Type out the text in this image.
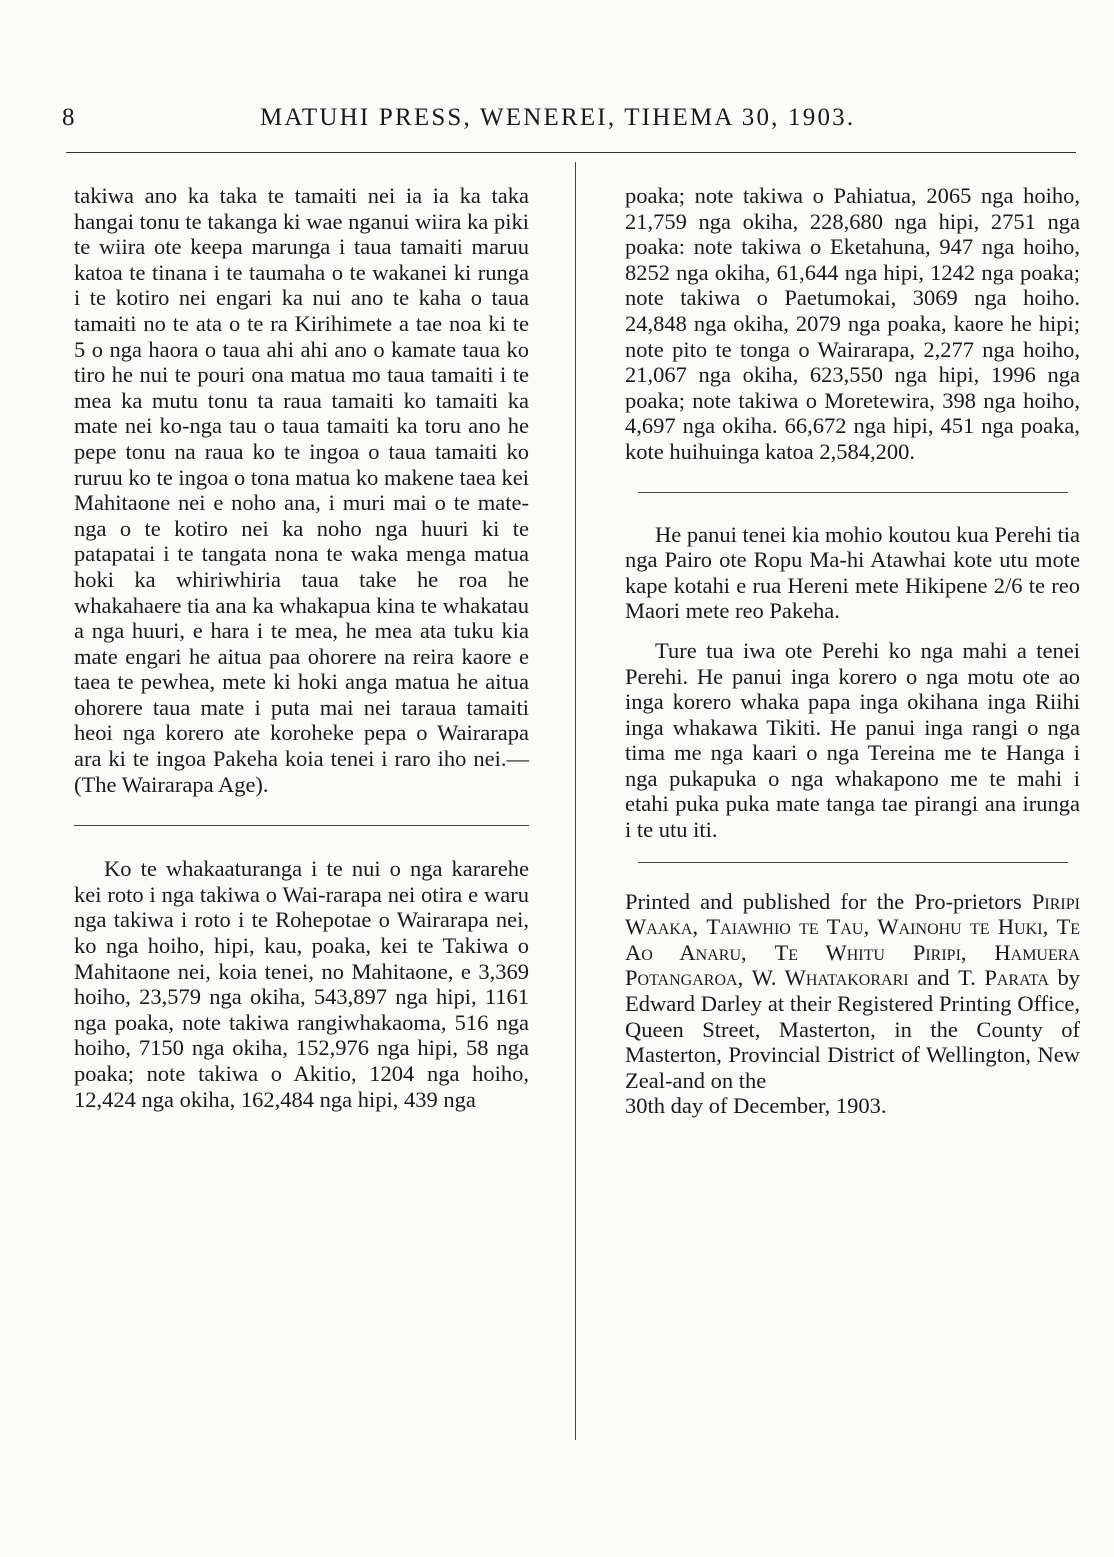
8	MATUHI PRESS, WENEREI, TIHEMA 30, 1903.

takiwa ano ka taka te tamaiti nei ia ia ka taka hangai tonu te takanga ki wae nganui wiira ka piki te wiira ote keepa marunga i taua tamaiti maruu katoa te tinana i te taumaha o te wakanei ki runga i te kotiro nei engari ka nui ano te kaha o taua tamaiti no te ata o te ra Kirihimete a tae noa ki te 5 o nga haora o taua ahi ahi ano o kamate taua ko tiro he nui te pouri ona matua mo taua tamaiti i te mea ka mutu tonu ta raua tamaiti ko tamaiti ka mate nei ko-nga tau o taua tamaiti ka toru ano he pepe tonu na raua ko te ingoa o taua tamaiti ko ruruu ko te ingoa o tona matua ko makene taea kei Mahitaone nei e noho ana, i muri mai o te mate-nga o te kotiro nei ka noho nga huuri ki te patapatai i te tangata nona te waka menga matua hoki ka whiriwhiria taua take he roa he whakahaere tia ana ka whakapua kina te whakatau a nga huuri, e hara i te mea, he mea ata tuku kia mate engari he aitua paa ohorere na reira kaore e taea te pewhea, mete ki hoki anga matua he aitua ohorere taua mate i puta mai nei taraua tamaiti heoi nga korero ate koroheke pepa o Wairarapa ara ki te ingoa Pakeha koia tenei i raro iho nei.—(The Wairarapa Age).

Ko te whakaaturanga i te nui o nga kararehe kei roto i nga takiwa o Wai-rarapa nei otira e waru nga takiwa i roto i te Rohepotae o Wairarapa nei, ko nga hoiho, hipi, kau, poaka, kei te Takiwa o Mahitaone nei, koia tenei, no Mahitaone, e 3,369 hoiho, 23,579 nga okiha, 543,897 nga hipi, 1161 nga poaka, note takiwa rangiwhakaoma, 516 nga hoiho, 7150 nga okiha, 152,976 nga hipi, 58 nga poaka; note takiwa o Akitio, 1204 nga hoiho, 12,424 nga okiha, 162,484 nga hipi, 439 nga

poaka; note takiwa o Pahiatua, 2065 nga hoiho, 21,759 nga okiha, 228,680 nga hipi, 2751 nga poaka: note takiwa o Eketahuna, 947 nga hoiho, 8252 nga okiha, 61,644 nga hipi, 1242 nga poaka; note takiwa o Paetumokai, 3069 nga hoiho. 24,848 nga okiha, 2079 nga poaka, kaore he hipi; note pito te tonga o Wairarapa, 2,277 nga hoiho, 21,067 nga okiha, 623,550 nga hipi, 1996 nga poaka; note takiwa o Moretewira, 398 nga hoiho, 4,697 nga okiha. 66,672 nga hipi, 451 nga poaka, kote huihuinga katoa 2,584,200.

He panui tenei kia mohio koutou kua Perehi tia nga Pairo ote Ropu Ma-hi Atawhai kote utu mote kape kotahi e rua Hereni mete Hikipene 2/6 te reo Maori mete reo Pakeha.

Ture tua iwa ote Perehi ko nga mahi a tenei Perehi. He panui inga korero o nga motu ote ao inga korero whaka papa inga okihana inga Riihi inga whakawa Tikiti. He panui inga rangi o nga tima me nga kaari o nga Tereina me te Hanga i nga pukapuka o nga whakapono me te mahi i etahi puka puka mate tanga tae pirangi ana irunga i te utu iti.

Printed and published for the Pro-prietors Piripi Waaka, Taiawhio te Tau, Wainohu te Huki, Te Ao Anaru, Te Whitu Piripi, Hamuera Potangaroa, W. Whatakorari and T. Parata by Edward Darley at their Registered Printing Office, Queen Street, Masterton, in the County of Masterton, Provincial District of Wellington, New Zeal-and on the

30th day of December, 1903.
